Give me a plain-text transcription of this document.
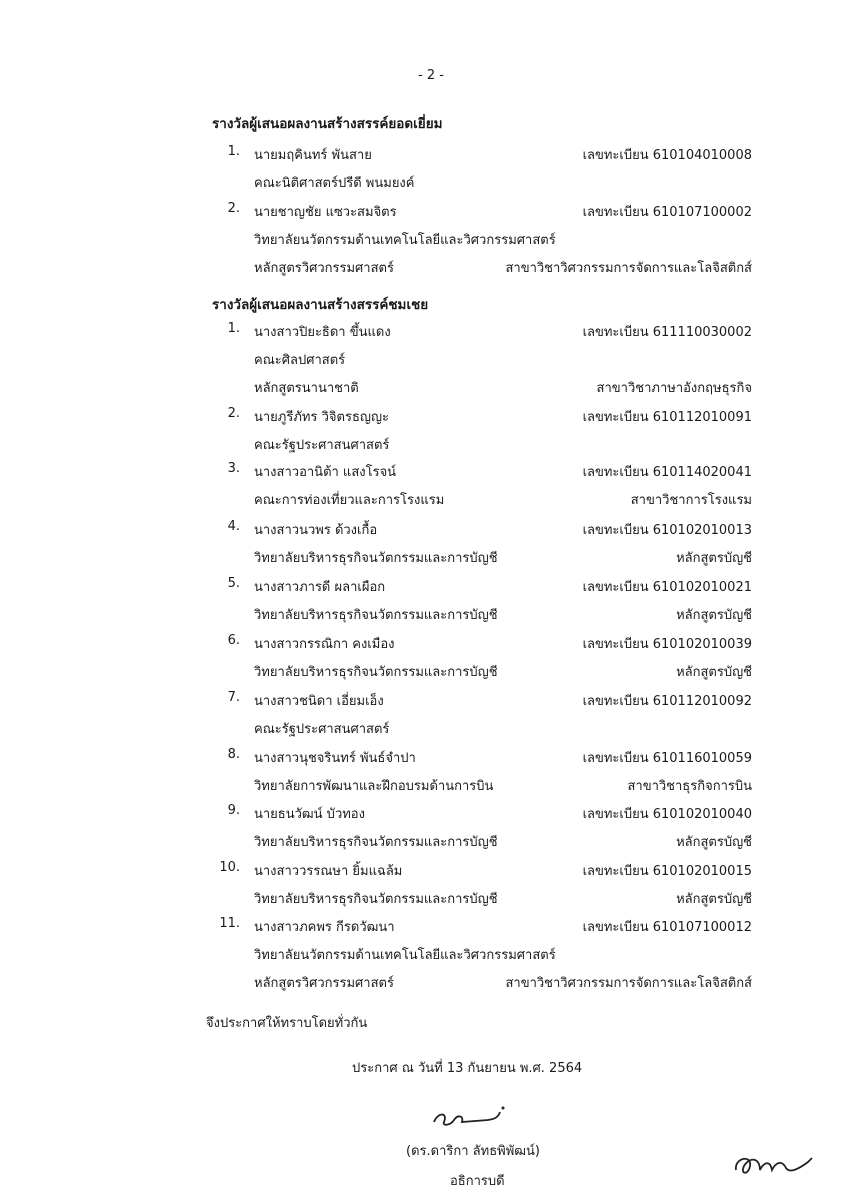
- 2 -
รางวัลผู้เสนอผลงานสร้างสรรค์ยอดเยี่ยม
1. นายมฤคินทร์ พันสาย	เลขทะเบียน 610104010008
คณะนิติศาสตร์ปรีดี พนมยงค์
2. นายชาญชัย แซวะสมจิตร	เลขทะเบียน 610107100002
วิทยาลัยนวัตกรรมด้านเทคโนโลยีและวิศวกรรมศาสตร์
หลักสูตรวิศวกรรมศาสตร์	สาขาวิชาวิศวกรรมการจัดการและโลจิสติกส์
รางวัลผู้เสนอผลงานสร้างสรรค์ชมเชย
1. นางสาวปิยะธิดา ขึ้นแดง	เลขทะเบียน 611110030002
คณะศิลปศาสตร์
หลักสูตรนานาชาติ	สาขาวิชาภาษาอังกฤษธุรกิจ
2. นายภูรีภัทร วิจิตรธญญะ	เลขทะเบียน 610112010091
คณะรัฐประศาสนศาสตร์
3. นางสาวอานิต้า แสงโรจน์	เลขทะเบียน 610114020041
คณะการท่องเที่ยวและการโรงแรม	สาขาวิชาการโรงแรม
4. นางสาวนวพร ด้วงเกื้อ	เลขทะเบียน 610102010013
วิทยาลัยบริหารธุรกิจนวัตกรรมและการบัญชี	หลักสูตรบัญชี
5. นางสาวภารดี ผลาเผือก	เลขทะเบียน 610102010021
วิทยาลัยบริหารธุรกิจนวัตกรรมและการบัญชี	หลักสูตรบัญชี
6. นางสาวกรรณิกา คงเมือง	เลขทะเบียน 610102010039
วิทยาลัยบริหารธุรกิจนวัตกรรมและการบัญชี	หลักสูตรบัญชี
7. นางสาวชนิดา เอี่ยมเอ็ง	เลขทะเบียน 610112010092
คณะรัฐประศาสนศาสตร์
8. นางสาวนุชจรินทร์ พันธ์จำปา	เลขทะเบียน 610116010059
วิทยาลัยการพัฒนาและฝึกอบรมด้านการบิน	สาขาวิชาธุรกิจการบิน
9. นายธนวัฒน์ บัวทอง	เลขทะเบียน 610102010040
วิทยาลัยบริหารธุรกิจนวัตกรรมและการบัญชี	หลักสูตรบัญชี
10. นางสาววรรณษา ยิ้มแฉล้ม	เลขทะเบียน 610102010015
วิทยาลัยบริหารธุรกิจนวัตกรรมและการบัญชี	หลักสูตรบัญชี
11. นางสาวภคพร กีรดวัฒนา	เลขทะเบียน 610107100012
วิทยาลัยนวัตกรรมด้านเทคโนโลยีและวิศวกรรมศาสตร์
หลักสูตรวิศวกรรมศาสตร์	สาขาวิชาวิศวกรรมการจัดการและโลจิสติกส์
จึงประกาศให้ทราบโดยทั่วกัน
ประกาศ ณ วันที่ 13 กันยายน พ.ศ. 2564
(ดร.ดาริกา ลัทธพิพัฒน์)
อธิการบดี
